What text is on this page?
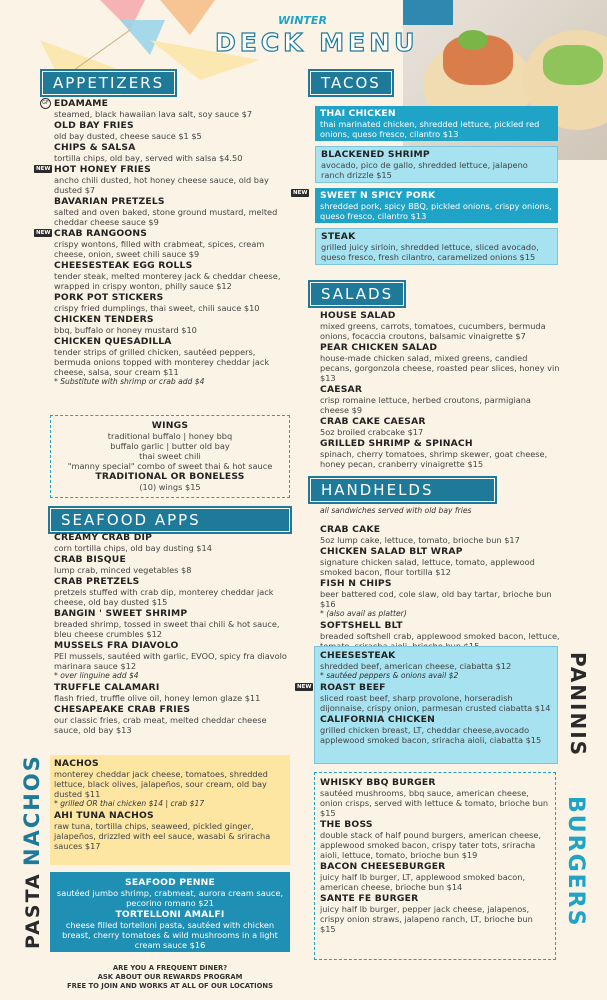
WINTER
DECK MENU
APPETIZERS
GF EDAMAME
steamed, black hawaiian lava salt, soy sauce $7
OLD BAY FRIES
old bay dusted, cheese sauce $1 $5
CHIPS & SALSA
tortilla chips, old bay, served with salsa $4.50
NEW HOT HONEY FRIES
ancho chili dusted, hot honey cheese sauce, old bay dusted $7
BAVARIAN PRETZELS
salted and oven baked, stone ground mustard, melted cheddar cheese sauce $9
NEW CRAB RANGOONS
crispy wontons, filled with crabmeat, spices, cream cheese, onion, sweet chili sauce $9
CHEESESTEAK EGG ROLLS
tender steak, melted monterey jack & cheddar cheese, wrapped in crispy wonton, philly sauce $12
PORK POT STICKERS
crispy fried dumplings, thai sweet, chili sauce $10
CHICKEN TENDERS
bbq, buffalo or honey mustard $10
CHICKEN QUESADILLA
tender strips of grilled chicken, sautéed peppers, bermuda onions topped with monterey cheddar jack cheese, salsa, sour cream $11
* Substitute with shrimp or crab add $4
WINGS
traditional buffalo | honey bbq
buffalo garlic | butter old bay
thai sweet chili
"manny special" combo of sweet thai & hot sauce
TRADITIONAL OR BONELESS
(10) wings $15
SEAFOOD APPS
CREAMY CRAB DIP
corn tortilla chips, old bay dusting $14
CRAB BISQUE
lump crab, minced vegetables $8
CRAB PRETZELS
pretzels stuffed with crab dip, monterey cheddar jack cheese, old bay dusted $15
BANGIN ' SWEET SHRIMP
breaded shrimp, tossed in sweet thai chili & hot sauce, bleu cheese crumbles $12
MUSSELS FRA DIAVOLO
PEI mussels, sautéed with garlic, EVOO, spicy fra diavolo marinara sauce $12
* over linguine add $4
TRUFFLE CALAMARI
flash fried, truffle olive oil, honey lemon glaze $11
CHESAPEAKE CRAB FRIES
our classic fries, crab meat, melted cheddar cheese sauce, old bay $13
NACHOS NACHOS
monterey cheddar jack cheese, tomatoes, shredded lettuce, black olives, jalapeños, sour cream, old bay dusted $11
* grilled OR thai chicken $14 | crab $17
AHI TUNA NACHOS
raw tuna, tortilla chips, seaweed, pickled ginger, jalapeños, drizzled with eel sauce, wasabi & sriracha sauces $17
PASTA	SEAFOOD PENNE
sautéed jumbo shrimp, crabmeat, aurora cream sauce, pecorino romano $21
TORTELLONI AMALFI
cheese filled tortelloni pasta, sautéed with chicken breast, cherry tomatoes & wild mushrooms in a light cream sauce $16
ARE YOU A FREQUENT DINER?
ASK ABOUT OUR REWARDS PROGRAM
FREE TO JOIN AND WORKS AT ALL OF OUR LOCATIONS
TACOS
THAI CHICKEN
thai marinated chicken, shredded lettuce, pickled red onions, queso fresco, cilantro $13
BLACKENED SHRIMP
avocado, pico de gallo, shredded lettuce, jalapeno ranch drizzle $15
NEW SWEET N SPICY PORK
shredded pork, spicy BBQ, pickled onions, crispy onions, queso fresco, cilantro $13
STEAK
grilled juicy sirloin, shredded lettuce, sliced avocado, queso fresco, fresh cilantro, caramelized onions $15
SALADS
HOUSE SALAD
mixed greens, carrots, tomatoes, cucumbers, bermuda onions, focaccia croutons, balsamic vinaigrette $7
PEAR CHICKEN SALAD
house-made chicken salad, mixed greens, candied pecans, gorgonzola cheese, roasted pear slices, honey vin $13
CAESAR
crisp romaine lettuce, herbed croutons, parmigiana cheese $9
CRAB CAKE CAESAR
5oz broiled crabcake $17
GRILLED SHRIMP & SPINACH
spinach, cherry tomatoes, shrimp skewer, goat cheese, honey pecan, cranberry vinaigrette $15
HANDHELDS
all sandwiches served with old bay fries
CRAB CAKE
5oz lump cake, lettuce, tomato, brioche bun $17
CHICKEN SALAD BLT WRAP
signature chicken salad, lettuce, tomato, applewood smoked bacon, flour tortilla $12
FISH N CHIPS
beer battered cod, cole slaw, old bay tartar, brioche bun $16
* (also avail as platter)
SOFTSHELL BLT
breaded softshell crab, applewood smoked bacon, lettuce,
CHEESESTEAK
shredded beef, american cheese, ciabatta $12
* sautéed peppers & onions avail $2
NEW ROAST BEEF
sliced roast beef, sharp provolone, horseradish dijonnaise, crispy onion, parmesan crusted ciabatta $14
CALIFORNIA CHICKEN
grilled chicken breast, LT, cheddar cheese,avocado applewood smoked bacon, sriracha aioli, ciabatta $15	PANINIS
WHISKY BBQ BURGER
sautéed mushrooms, bbq sauce, american cheese, onion crisps, served with lettuce & tomato, brioche bun $15
THE BOSS
double stack of half pound burgers, american cheese, applewood smoked bacon, crispy tater tots, sriracha aioli, lettuce, tomato, brioche bun $19
BACON CHEESEBURGER
juicy half lb burger, LT, applewood smoked bacon, american cheese, brioche bun $14
SANTE FE BURGER
juicy half lb burger, pepper jack cheese, jalapenos, crispy onion straws, jalapeno ranch, LT, brioche bun $15
BURGERS
